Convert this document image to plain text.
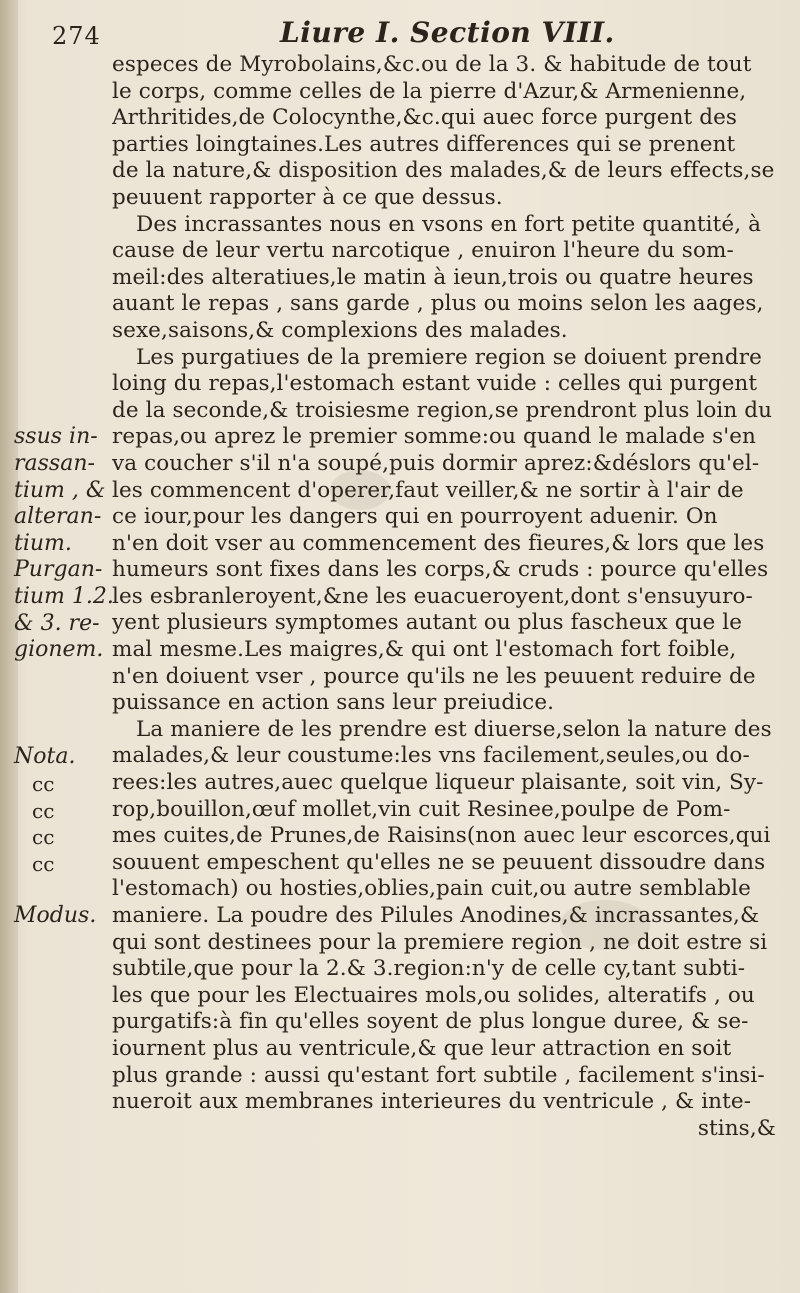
274	Liure I. Section VIII.
ssus in-
rassan-
tium , &
alteran-
tium.
Purgan-
tium 1.2.
& 3. re-
gionem.
Nota.
Modus.
cc
cc
cc
cc
especes de Myrobolains,&c.ou de la 3. & habitude de tout
le corps, comme celles de la pierre d'Azur,& Armenienne,
Arthritides,de Colocynthe,&c.qui auec force purgent des
parties loingtaines.Les autres differences qui se prenent
de la nature,& disposition des malades,& de leurs effects,se
peuuent rapporter à ce que dessus.
Des incrassantes nous en vsons en fort petite quantité, à
cause de leur vertu narcotique , enuiron l'heure du som-
meil:des alteratiues,le matin à ieun,trois ou quatre heures
auant le repas , sans garde , plus ou moins selon les aages,
sexe,saisons,& complexions des malades.
Les purgatiues de la premiere region se doiuent prendre
loing du repas,l'estomach estant vuide : celles qui purgent
de la seconde,& troisiesme region,se prendront plus loin du
repas,ou aprez le premier somme:ou quand le malade s'en
va coucher s'il n'a soupé,puis dormir aprez:&déslors qu'el-
les commencent d'operer,faut veiller,& ne sortir à l'air de
ce iour,pour les dangers qui en pourroyent aduenir. On
n'en doit vser au commencement des fieures,& lors que les
humeurs sont fixes dans les corps,& cruds : pource qu'elles
les esbranleroyent,&ne les euacueroyent,dont s'ensuyuro-
yent plusieurs symptomes autant ou plus fascheux que le
mal mesme.Les maigres,& qui ont l'estomach fort foible,
n'en doiuent vser , pource qu'ils ne les peuuent reduire de
puissance en action sans leur preiudice.
La maniere de les prendre est diuerse,selon la nature des
malades,& leur coustume:les vns facilement,seules,ou do-
rees:les autres,auec quelque liqueur plaisante, soit vin, Sy-
rop,bouillon,œuf mollet,vin cuit Resinee,poulpe de Pom-
mes cuites,de Prunes,de Raisins(non auec leur escorces,qui
souuent empeschent qu'elles ne se peuuent dissoudre dans
l'estomach) ou hosties,oblies,pain cuit,ou autre semblable
maniere. La poudre des Pilules Anodines,& incrassantes,&
qui sont destinees pour la premiere region , ne doit estre si
subtile,que pour la 2.& 3.region:n'y de celle cy,tant subti-
les que pour les Electuaires mols,ou solides, alteratifs , ou
purgatifs:à fin qu'elles soyent de plus longue duree, & se-
iournent plus au ventricule,& que leur attraction en soit
plus grande : aussi qu'estant fort subtile , facilement s'insi-
nueroit aux membranes interieures du ventricule , & inte-
stins,&
